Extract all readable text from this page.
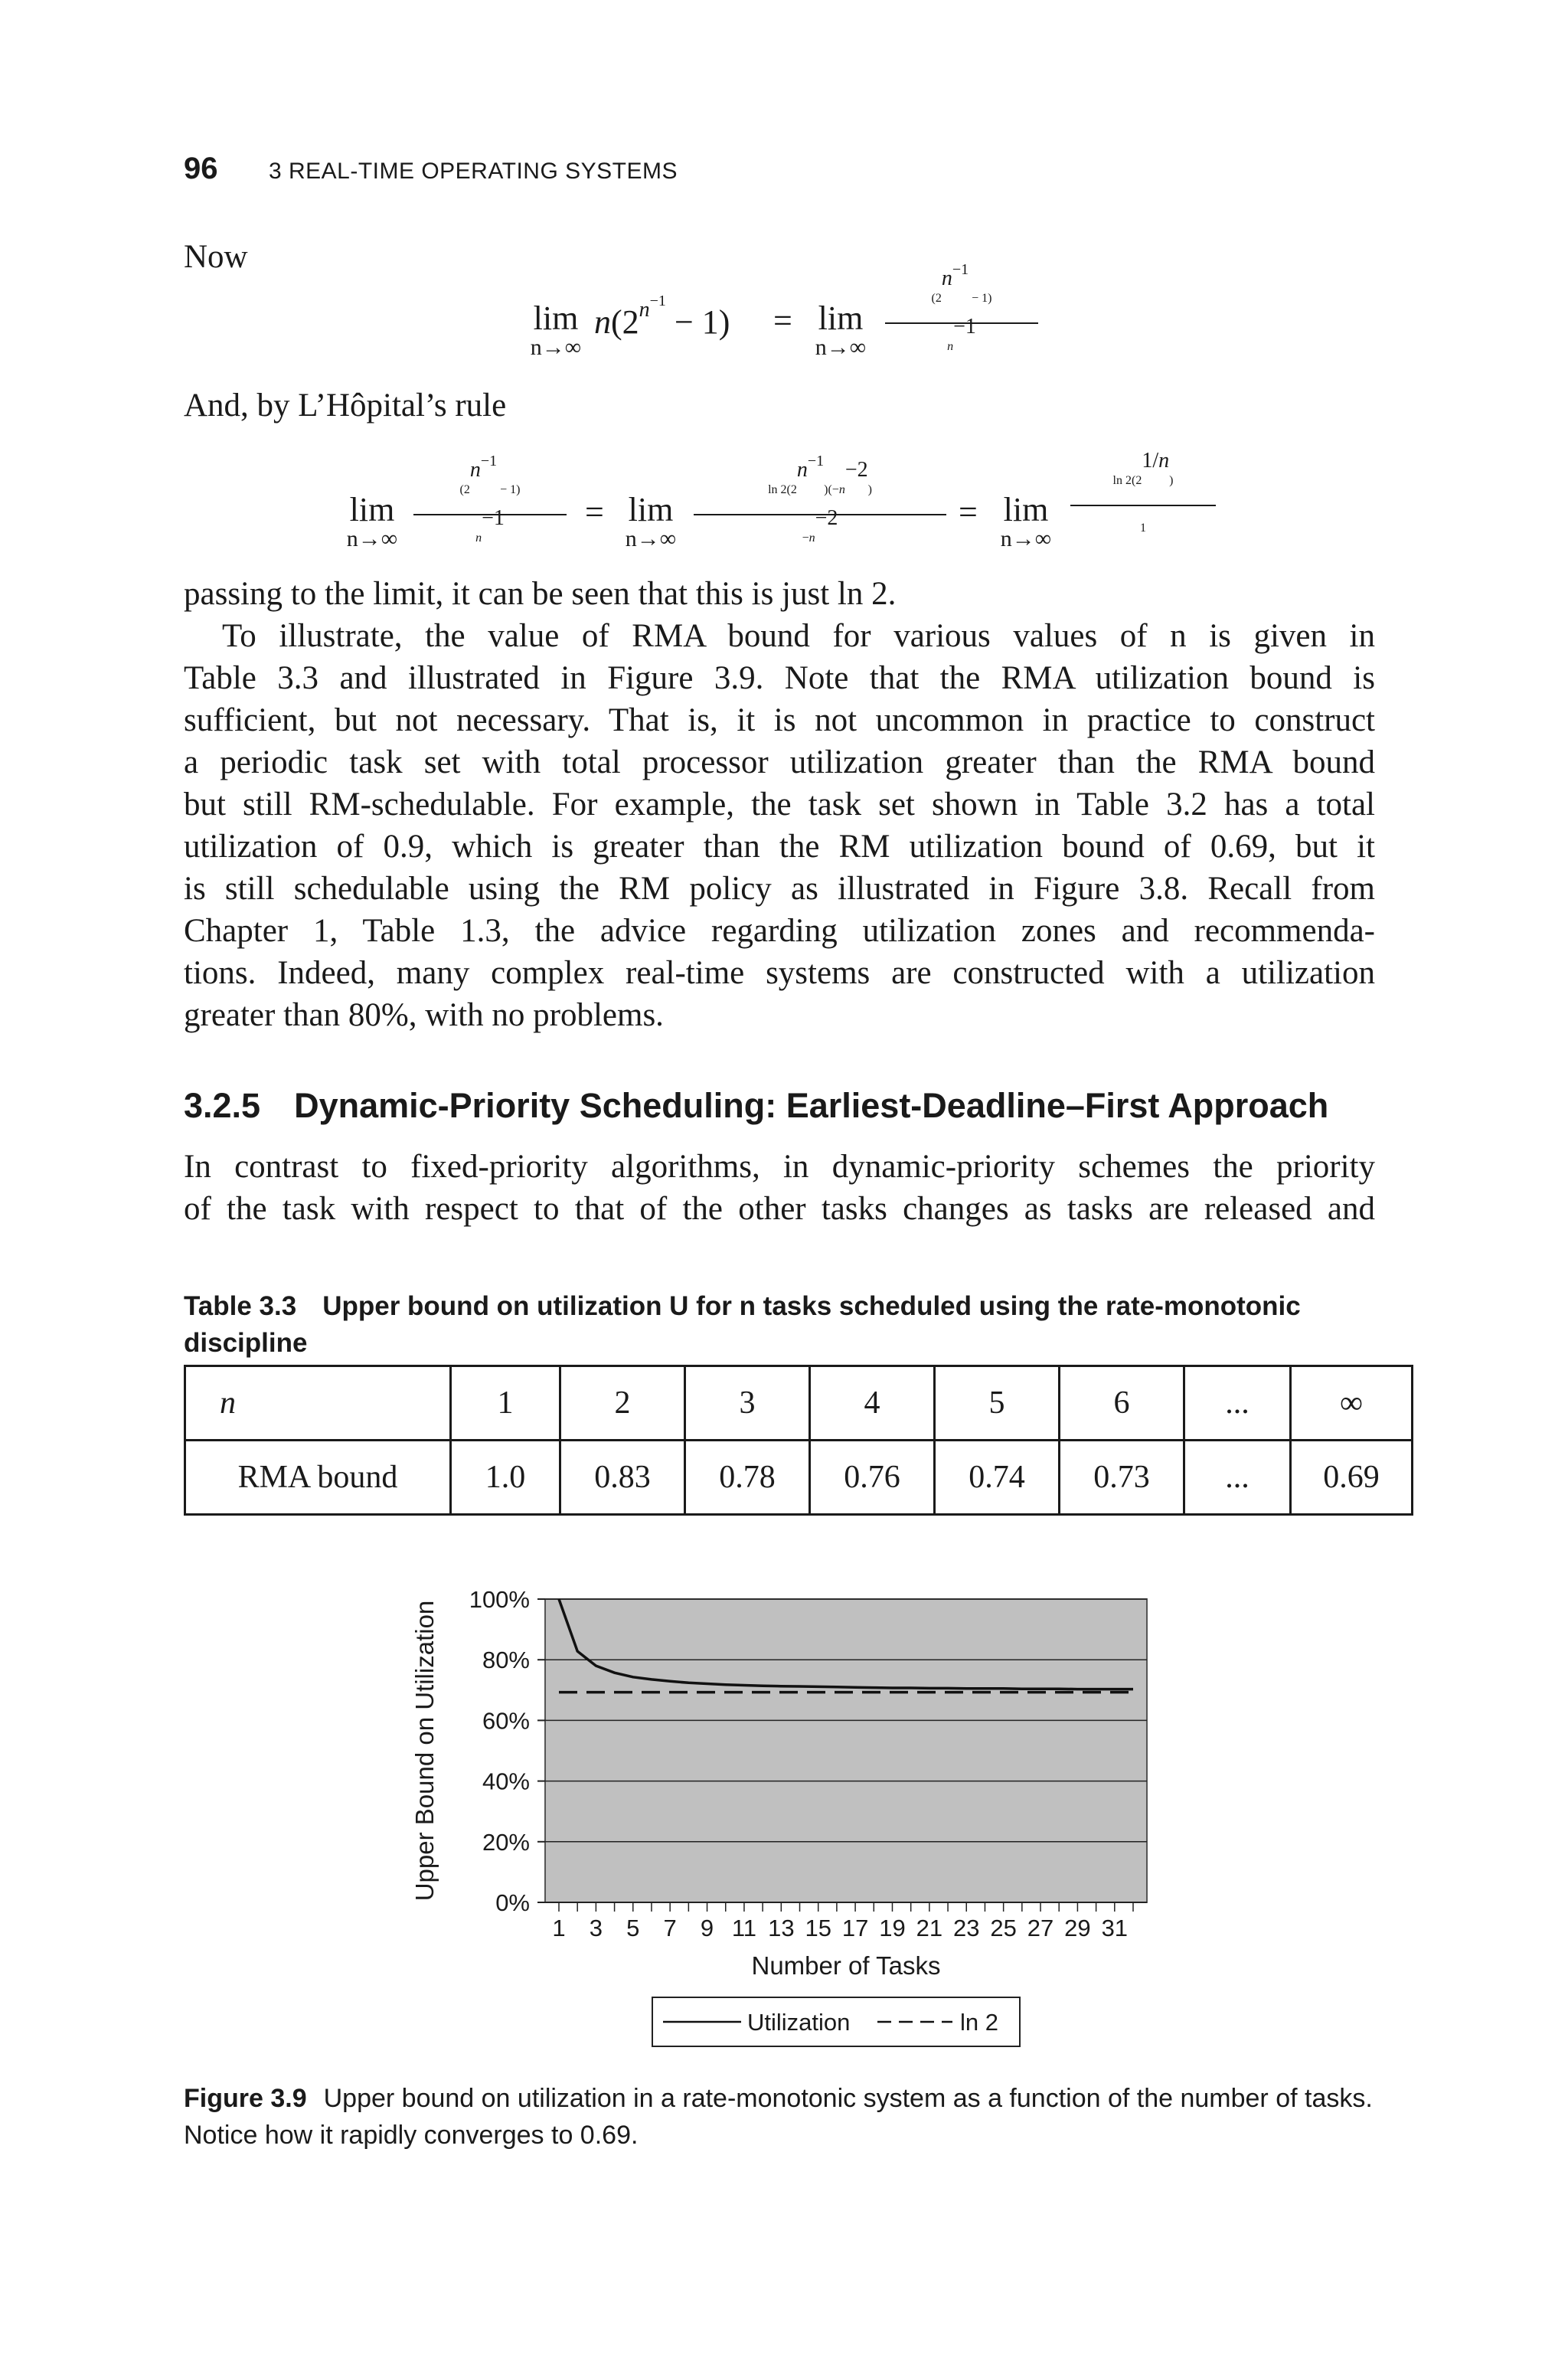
96 3 REAL-TIME OPERATING SYSTEMS
Now
lim
n→∞
$n(2^{n^{-1}} - 1) = \lim$
n→∞	$\frac{(2^{n^{-1}} - 1)}{n^{-1}}$
And, by L’Hôpital’s rule
lim
n→∞	$\frac{(2^{n^{-1}} - 1)}{n^{-1}} = \lim$
n→∞	$\frac{\ln 2(2^{n^{-1}})(-n^{-2})}{-n^{-2}} = \lim$
n→∞	$\frac{\ln 2(2^{1/n})}{1}$
passing to the limit, it can be seen that this is just ln 2.
To illustrate, the value of RMA bound for various values of n is given in
Table 3.3 and illustrated in Figure 3.9. Note that the RMA utilization bound is
sufficient, but not necessary. That is, it is not uncommon in practice to construct
a periodic task set with total processor utilization greater than the RMA bound
but still RM-schedulable. For example, the task set shown in Table 3.2 has a total
utilization of 0.9, which is greater than the RM utilization bound of 0.69, but it
is still schedulable using the RM policy as illustrated in Figure 3.8. Recall from
Chapter 1, Table 1.3, the advice regarding utilization zones and recommenda-
tions. Indeed, many complex real-time systems are constructed with a utilization
greater than 80%, with no problems.
3.2.5 Dynamic-Priority Scheduling: Earliest-Deadline–First Approach
In contrast to fixed-priority algorithms, in dynamic-priority schemes the priority
of the task with respect to that of the other tasks changes as tasks are released and
Table 3.3 Upper bound on utilization U for n tasks scheduled using the rate-monotonic discipline
n	1	2	3	4	5	6	...	∞
RMA bound	1.0	0.83	0.78	0.76	0.74	0.73	...	0.69
0%
20%
40%
60%
80%
100%
1 3 5 7 9 11 13 15 17 19 21 23 25 27 29 31
Number of Tasks
Upper Bound on Utilization
Utilization	ln 2
Figure 3.9 Upper bound on utilization in a rate-monotonic system as a function of the number of tasks. Notice how it rapidly converges to 0.69.
